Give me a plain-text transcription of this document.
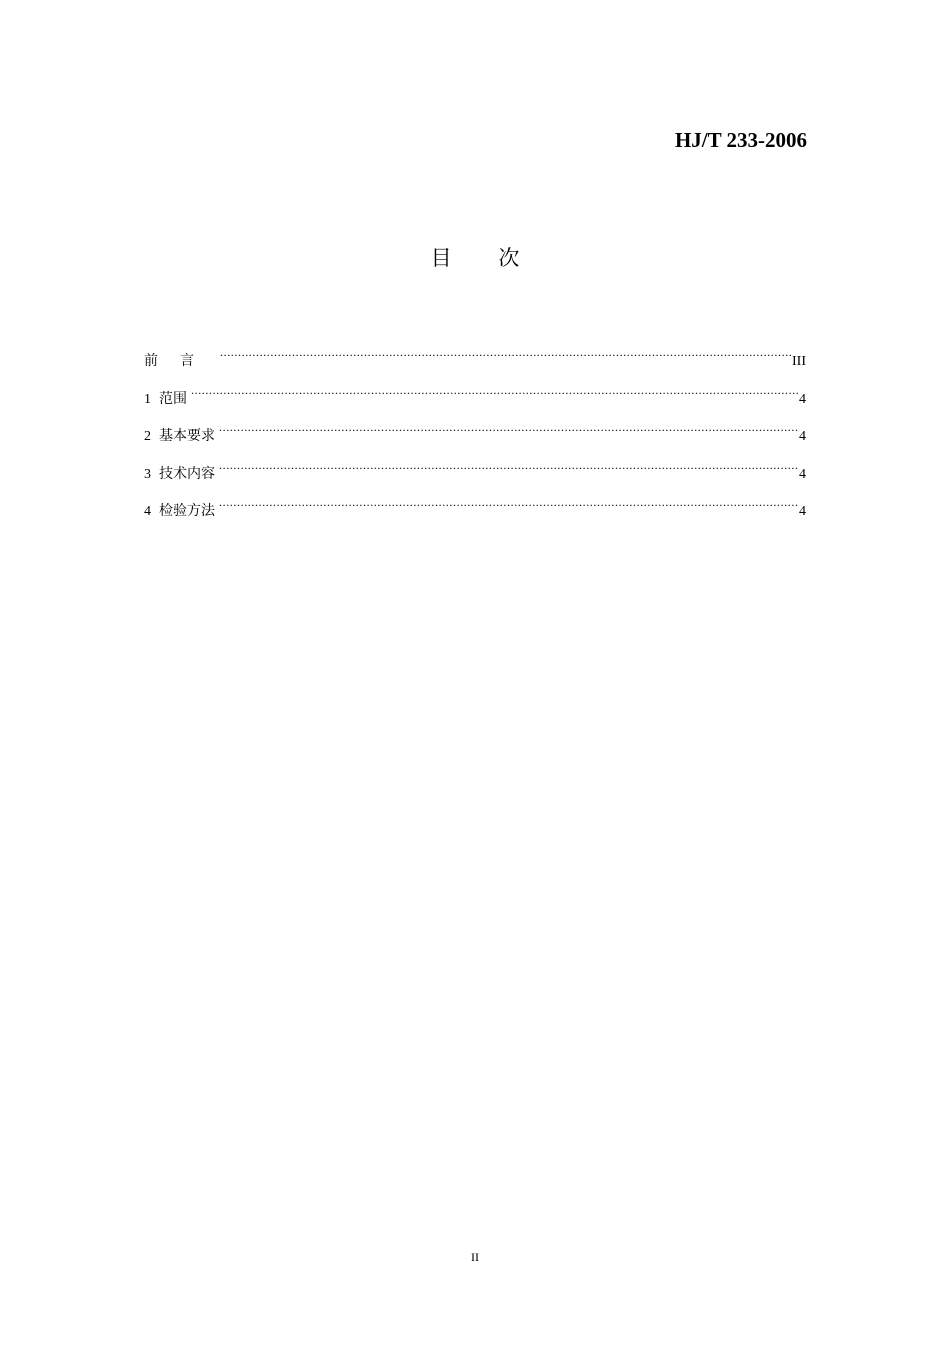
HJ/T 233-2006
目 次
前言 .....	III
1 范围 .....	4
2 基本要求 .....	4
3 技术内容 .....	4
4 检验方法 .....	4
II
